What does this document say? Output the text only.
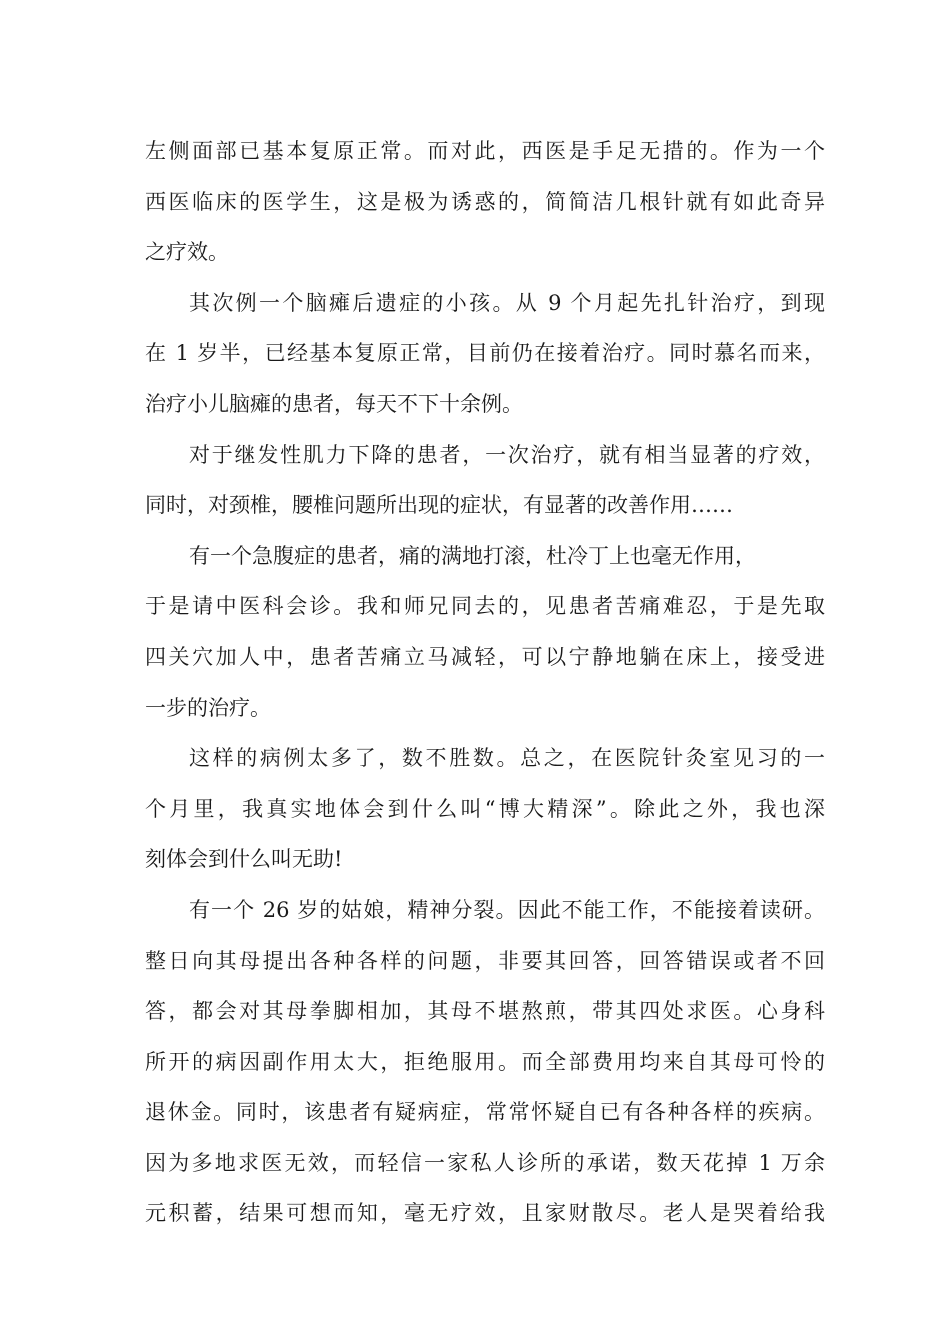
左侧面部已基本复原正常。而对此，西医是手足无措的。作为一个
西医临床的医学生，这是极为诱惑的，简简洁几根针就有如此奇异
之疗效。
其次例一个脑瘫后遗症的小孩。从 9 个月起先扎针治疗，到现
在 1 岁半，已经基本复原正常，目前仍在接着治疗。同时慕名而来，
治疗小儿脑瘫的患者，每天不下十余例。
对于继发性肌力下降的患者，一次治疗，就有相当显著的疗效，
同时，对颈椎，腰椎问题所出现的症状，有显著的改善作用……
有一个急腹症的患者，痛的满地打滚，杜冷丁上也毫无作用，
于是请中医科会诊。我和师兄同去的，见患者苦痛难忍，于是先取
四关穴加人中，患者苦痛立马减轻，可以宁静地躺在床上，接受进
一步的治疗。
这样的病例太多了，数不胜数。总之，在医院针灸室见习的一
个月里，我真实地体会到什么叫“博大精深”。除此之外，我也深
刻体会到什么叫无助!
有一个 26 岁的姑娘，精神分裂。因此不能工作，不能接着读研。
整日向其母提出各种各样的问题，非要其回答，回答错误或者不回
答，都会对其母拳脚相加，其母不堪熬煎，带其四处求医。心身科
所开的病因副作用太大，拒绝服用。而全部费用均来自其母可怜的
退休金。同时，该患者有疑病症，常常怀疑自已有各种各样的疾病。
因为多地求医无效，而轻信一家私人诊所的承诺，数天花掉 1 万余
元积蓄，结果可想而知，毫无疗效，且家财散尽。老人是哭着给我
